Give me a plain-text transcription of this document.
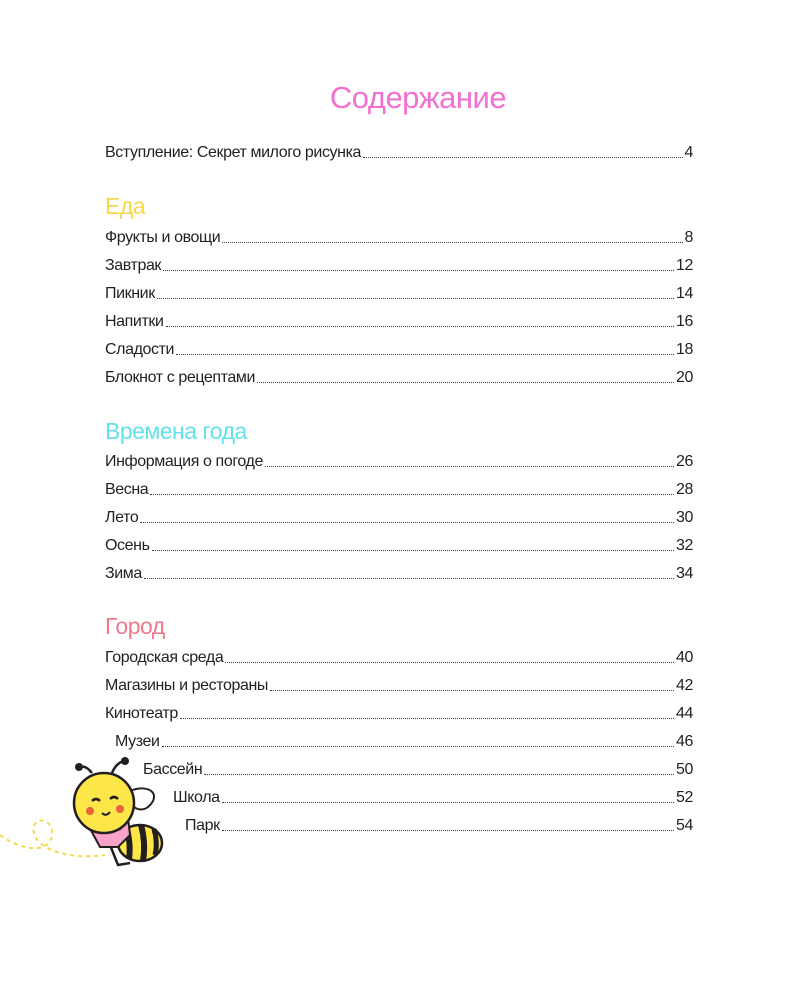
Содержание
Вступление: Секрет милого рисунка	4
Еда
Фрукты и овощи	8
Завтрак	12
Пикник	14
Напитки	16
Сладости	18
Блокнот с рецептами	20
Времена года
Информация о погоде	26
Весна	28
Лето	30
Осень	32
Зима	34
Город
Городская среда	40
Магазины и рестораны	42
Кинотеатр	44
Музеи	46
Бассейн	50
Школа	52
Парк	54
